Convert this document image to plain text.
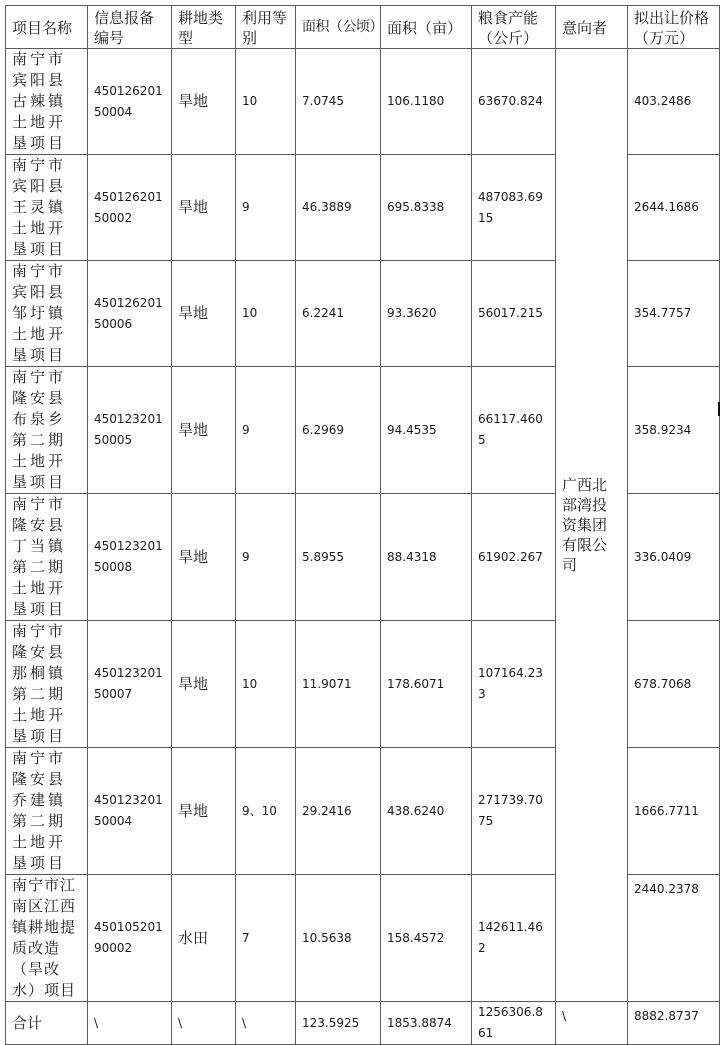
项目名称	信息报备编号	耕地类型	利用等别	面积（公顷）	面积（亩）	粮食产能（公斤）	意向者	拟出让价格（万元）
南宁市宾阳县古辣镇土地开垦项目	45012620150004	旱地	10	7.0745	106.1180	63670.824	广西北部湾投资集团有限公司	403.2486
南宁市宾阳县王灵镇土地开垦项目	45012620150002	旱地	9	46.3889	695.8338	487083.6915		2644.1686
南宁市宾阳县邹圩镇土地开垦项目	45012620150006	旱地	10	6.2241	93.3620	56017.215		354.7757
南宁市隆安县布泉乡第二期土地开垦项目	45012320150005	旱地	9	6.2969	94.4535	66117.4605		358.9234
南宁市隆安县丁当镇第二期土地开垦项目	45012320150008	旱地	9	5.8955	88.4318	61902.267		336.0409
南宁市隆安县那桐镇第二期土地开垦项目	45012320150007	旱地	10	11.9071	178.6071	107164.233		678.7068
南宁市隆安县乔建镇第二期土地开垦项目	45012320150004	旱地	9、10	29.2416	438.6240	271739.7075		1666.7711
南宁市江南区江西镇耕地提质改造（旱改水）项目	45010520190002	水田	7	10.5638	158.4572	142611.462		2440.2378
合计	\	\	\	123.5925	1853.8874	1256306.861	\	8882.8737
